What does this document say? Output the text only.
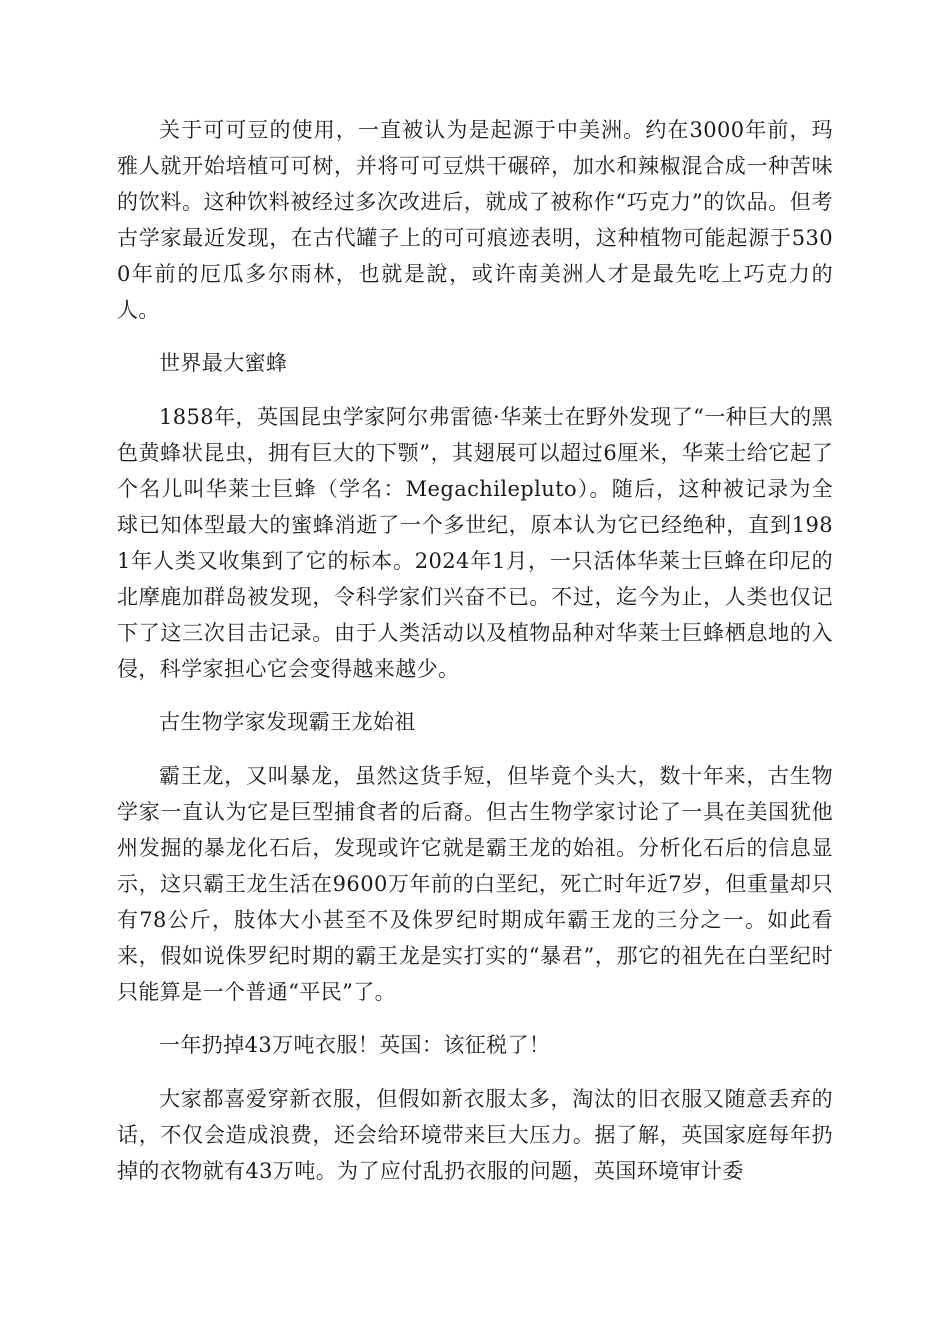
关于可可豆的使用，一直被认为是起源于中美洲。约在3000年前，玛雅人就开始培植可可树，并将可可豆烘干碾碎，加水和辣椒混合成一种苦味的饮料。这种饮料被经过多次改进后，就成了被称作“巧克力”的饮品。但考古学家最近发现，在古代罐子上的可可痕迹表明，这种植物可能起源于5300年前的厄瓜多尔雨林，也就是說，或许南美洲人才是最先吃上巧克力的人。

世界最大蜜蜂

1858年，英国昆虫学家阿尔弗雷德·华莱士在野外发现了“一种巨大的黑色黄蜂状昆虫，拥有巨大的下颚”，其翅展可以超过6厘米，华莱士给它起了个名儿叫华莱士巨蜂（学名：Megachilepluto）。随后，这种被记录为全球已知体型最大的蜜蜂消逝了一个多世纪，原本认为它已经绝种，直到1981年人类又收集到了它的标本。2024年1月，一只活体华莱士巨蜂在印尼的北摩鹿加群岛被发现，令科学家们兴奋不已。不过，迄今为止，人类也仅记下了这三次目击记录。由于人类活动以及植物品种对华莱士巨蜂栖息地的入侵，科学家担心它会变得越来越少。

古生物学家发现霸王龙始祖

霸王龙，又叫暴龙，虽然这货手短，但毕竟个头大，数十年来，古生物学家一直认为它是巨型捕食者的后裔。但古生物学家讨论了一具在美国犹他州发掘的暴龙化石后，发现或许它就是霸王龙的始祖。分析化石后的信息显示，这只霸王龙生活在9600万年前的白垩纪，死亡时年近7岁，但重量却只有78公斤，肢体大小甚至不及侏罗纪时期成年霸王龙的三分之一。如此看来，假如说侏罗纪时期的霸王龙是实打实的“暴君”，那它的祖先在白垩纪时只能算是一个普通“平民”了。

一年扔掉43万吨衣服！英国：该征税了！

大家都喜爱穿新衣服，但假如新衣服太多，淘汰的旧衣服又随意丢弃的话，不仅会造成浪费，还会给环境带来巨大压力。据了解，英国家庭每年扔掉的衣物就有43万吨。为了应付乱扔衣服的问题，英国环境审计委
